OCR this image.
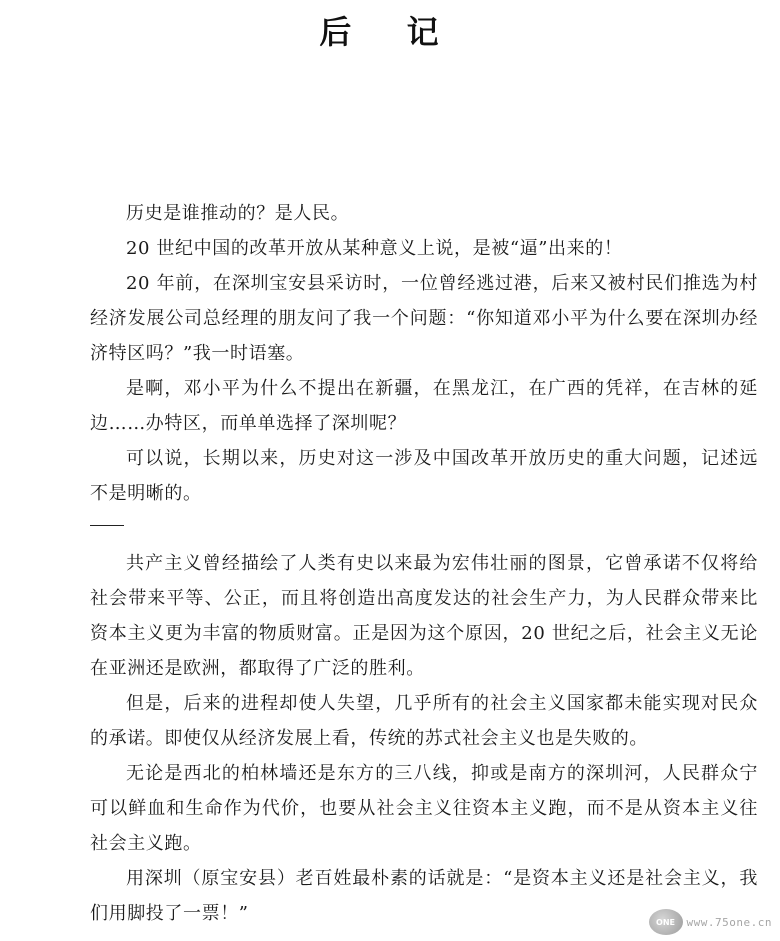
后 记

历史是谁推动的？是人民。

20 世纪中国的改革开放从某种意义上说，是被“逼”出来的！

20 年前，在深圳宝安县采访时，一位曾经逃过港，后来又被村民们推选为村经济发展公司总经理的朋友问了我一个问题：“你知道邓小平为什么要在深圳办经济特区吗？”我一时语塞。

是啊，邓小平为什么不提出在新疆，在黑龙江，在广西的凭祥，在吉林的延边……办特区，而单单选择了深圳呢？

可以说，长期以来，历史对这一涉及中国改革开放历史的重大问题，记述远不是明晰的。

共产主义曾经描绘了人类有史以来最为宏伟壮丽的图景，它曾承诺不仅将给社会带来平等、公正，而且将创造出高度发达的社会生产力，为人民群众带来比资本主义更为丰富的物质财富。正是因为这个原因，20 世纪之后，社会主义无论在亚洲还是欧洲，都取得了广泛的胜利。

但是，后来的进程却使人失望，几乎所有的社会主义国家都未能实现对民众的承诺。即使仅从经济发展上看，传统的苏式社会主义也是失败的。

无论是西北的柏林墙还是东方的三八线，抑或是南方的深圳河，人民群众宁可以鲜血和生命作为代价，也要从社会主义往资本主义跑，而不是从资本主义往社会主义跑。

用深圳（原宝安县）老百姓最朴素的话就是：“是资本主义还是社会主义，我们用脚投了一票！”	ONE	www.75one.cn
